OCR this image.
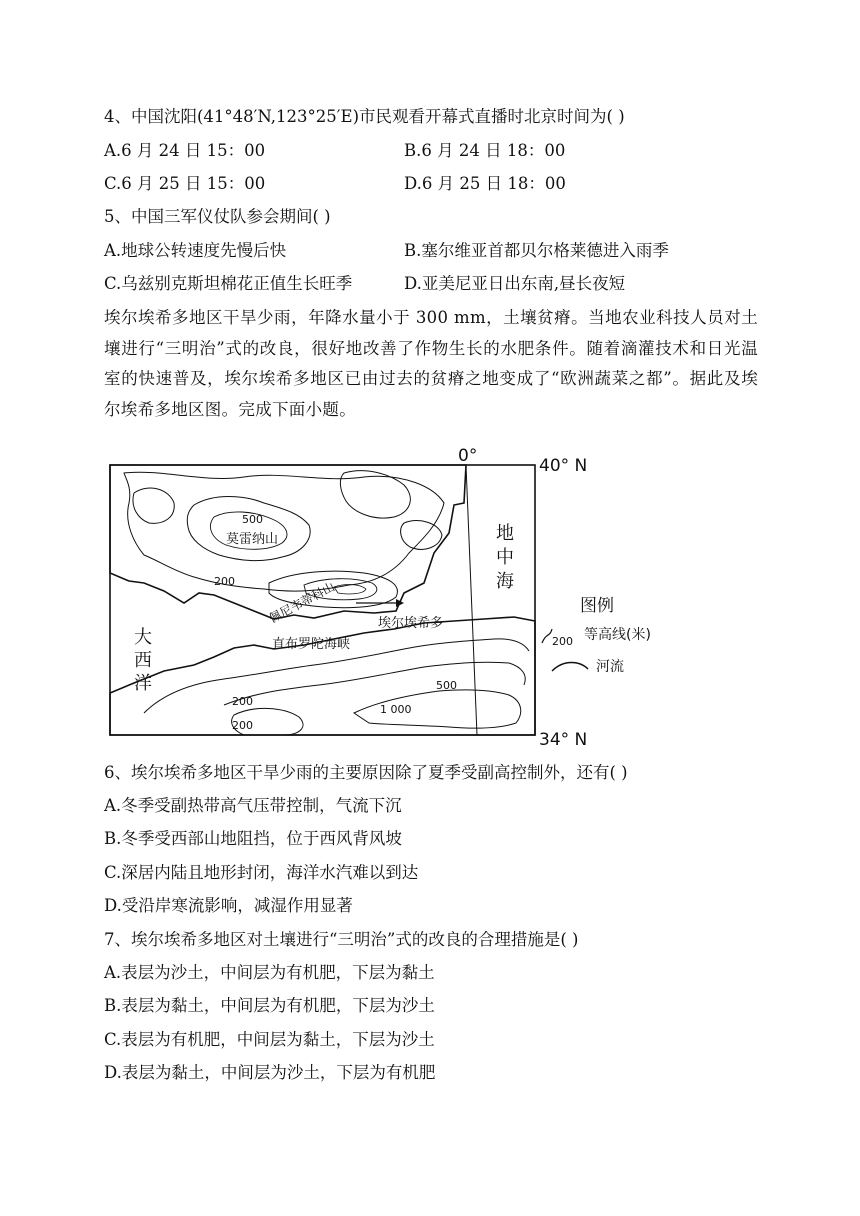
4、中国沈阳(41°48′N,123°25′E)市民观看开幕式直播时北京时间为( )
A.6 月 24 日 15：00	B.6 月 24 日 18：00
C.6 月 25 日 15：00	D.6 月 25 日 18：00
5、中国三军仪仗队参会期间( )
A.地球公转速度先慢后快	B.塞尔维亚首都贝尔格莱德进入雨季
C.乌兹别克斯坦棉花正值生长旺季	D.亚美尼亚日出东南,昼长夜短
埃尔埃希多地区干旱少雨，年降水量小于 300 mm，土壤贫瘠。当地农业科技人员对土壤进行“三明治”式的改良，很好地改善了作物生长的水肥条件。随着滴灌技术和日光温室的快速普及，埃尔埃希多地区已由过去的贫瘠之地变成了“欧洲蔬菜之都”。据此及埃尔埃希多地区图。完成下面小题。
0°	40° N
34° N
地
中
海
大
西
洋
莫雷纳山
佩尼韦蒂科山	埃尔埃希多
直布罗陀海峡
500
200
500
1 000
200
200
图例
200 等高线(米)
河流
6、埃尔埃希多地区干旱少雨的主要原因除了夏季受副高控制外，还有( )
A.冬季受副热带高气压带控制，气流下沉
B.冬季受西部山地阻挡，位于西风背风坡
C.深居内陆且地形封闭，海洋水汽难以到达
D.受沿岸寒流影响，减湿作用显著
7、埃尔埃希多地区对土壤进行“三明治”式的改良的合理措施是( )
A.表层为沙土，中间层为有机肥，下层为黏土
B.表层为黏土，中间层为有机肥，下层为沙土
C.表层为有机肥，中间层为黏土，下层为沙土
D.表层为黏土，中间层为沙土，下层为有机肥
